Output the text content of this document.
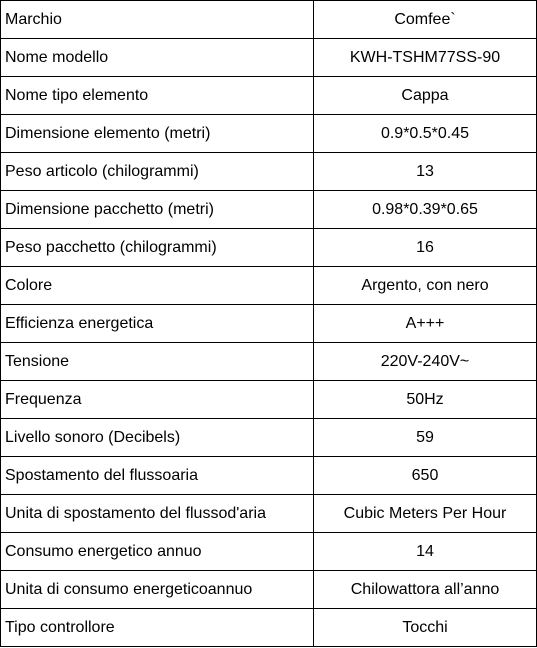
Marchio	Comfee`
Nome modello	KWH-TSHM77SS-90
Nome tipo elemento	Cappa
Dimensione elemento (metri)	0.9*0.5*0.45
Peso articolo (chilogrammi)	13
Dimensione pacchetto (metri)	0.98*0.39*0.65
Peso pacchetto (chilogrammi)	16
Colore	Argento, con nero
Efficienza energetica	A+++
Tensione	220V-240V~
Frequenza	50Hz
Livello sonoro (Decibels)	59
Spostamento del flussoaria	650
Unita di spostamento del flussod'aria	Cubic Meters Per Hour
Consumo energetico annuo	14
Unita di consumo energeticoannuo	Chilowattora all’anno
Tipo controllore	Tocchi
